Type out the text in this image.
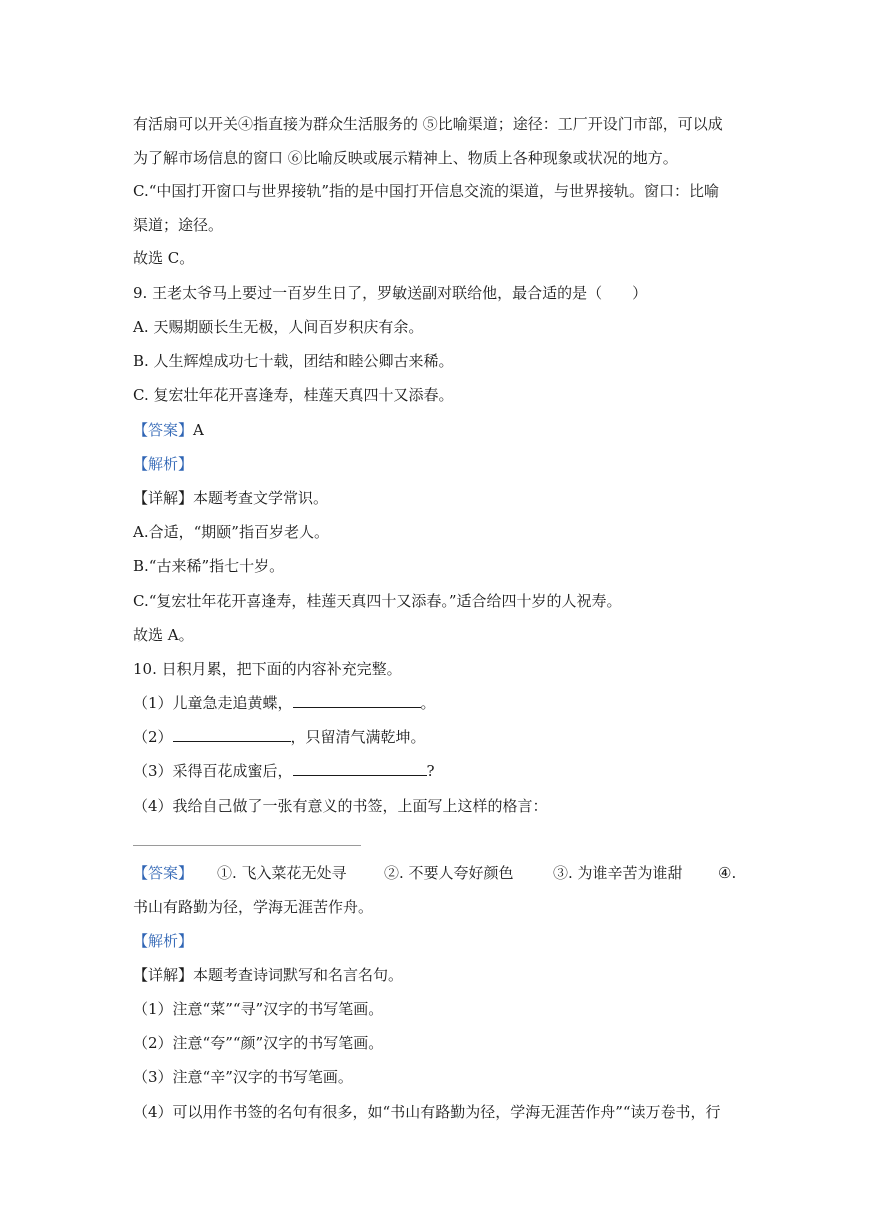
有活扇可以开关④指直接为群众生活服务的 ⑤比喻渠道；途径：工厂开设门市部，可以成
为了解市场信息的窗口 ⑥比喻反映或展示精神上、物质上各种现象或状况的地方。
C.“中国打开窗口与世界接轨”指的是中国打开信息交流的渠道，与世界接轨。窗口：比喻
渠道；途径。
故选 C。
9. 王老太爷马上要过一百岁生日了，罗敏送副对联给他，最合适的是（　　）
A. 天赐期颐长生无极，人间百岁积庆有余。
B. 人生辉煌成功七十载，团结和睦公卿古来稀。
C. 复宏壮年花开喜逢寿，桂莲天真四十又添春。
【答案】A
【解析】
【详解】本题考查文学常识。
A.合适，“期颐”指百岁老人。
B.“古来稀”指七十岁。
C.“复宏壮年花开喜逢寿，桂莲天真四十又添春。”适合给四十岁的人祝寿。
故选 A。
10. 日积月累，把下面的内容补充完整。
（1）儿童急走追黄蝶，	。
（2）	，只留清气满乾坤。
（3）采得百花成蜜后，	?
（4）我给自己做了一张有意义的书签，上面写上这样的格言：
【答案】 ①. 飞入菜花无处寻 ②. 不要人夸好颜色	③. 为谁辛苦为谁甜 ④.
书山有路勤为径，学海无涯苦作舟。
【解析】
【详解】本题考查诗词默写和名言名句。
（1）注意“菜”“寻”汉字的书写笔画。
（2）注意“夸”“颜”汉字的书写笔画。
（3）注意“辛”汉字的书写笔画。
（4）可以用作书签的名句有很多，如“书山有路勤为径，学海无涯苦作舟”“读万卷书，行
